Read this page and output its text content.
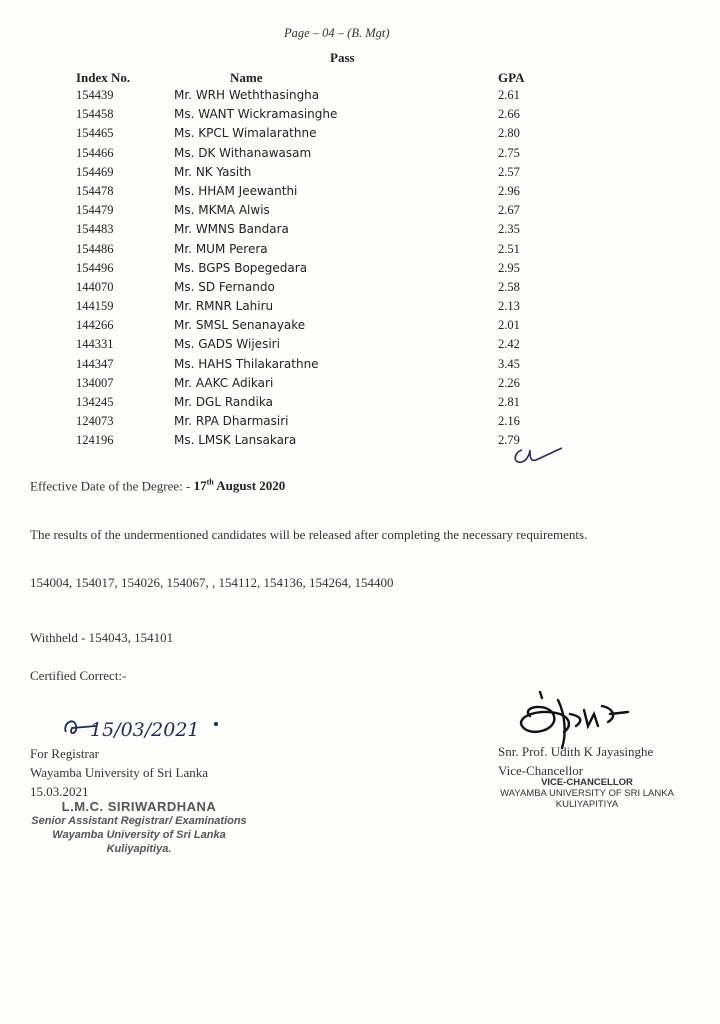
Page – 04 – (B. Mgt)
Pass
Index No.	Name	GPA
154439	Mr. WRH Weththasingha	2.61
154458	Ms. WANT Wickramasinghe	2.66
154465	Ms. KPCL Wimalarathne	2.80
154466	Ms. DK Withanawasam	2.75
154469	Mr. NK Yasith	2.57
154478	Ms. HHAM Jeewanthi	2.96
154479	Ms. MKMA Alwis	2.67
154483	Mr. WMNS Bandara	2.35
154486	Mr. MUM Perera	2.51
154496	Ms. BGPS Bopegedara	2.95
144070	Ms. SD Fernando	2.58
144159	Mr. RMNR Lahiru	2.13
144266	Mr. SMSL Senanayake	2.01
144331	Ms. GADS Wijesiri	2.42
144347	Ms. HAHS Thilakarathne	3.45
134007	Mr. AAKC Adikari	2.26
134245	Mr. DGL Randika	2.81
124073	Mr. RPA Dharmasiri	2.16
124196	Ms. LMSK Lansakara	2.79
Effective Date of the Degree: - 17th August 2020
The results of the undermentioned candidates will be released after completing the necessary requirements.
154004, 154017, 154026, 154067, , 154112, 154136, 154264, 154400
Withheld - 154043, 154101
Certified Correct:-
15/03/2021
For Registrar
Wayamba University of Sri Lanka
15.03.2021
L.M.C. SIRIWARDHANA
Senior Assistant Registrar/ Examinations
Wayamba University of Sri Lanka
Kuliyapitiya.
Snr. Prof. Udith K Jayasinghe
Vice-Chancellor
VICE-CHANCELLOR
WAYAMBA UNIVERSITY OF SRI LANKA
KULIYAPITIYA
